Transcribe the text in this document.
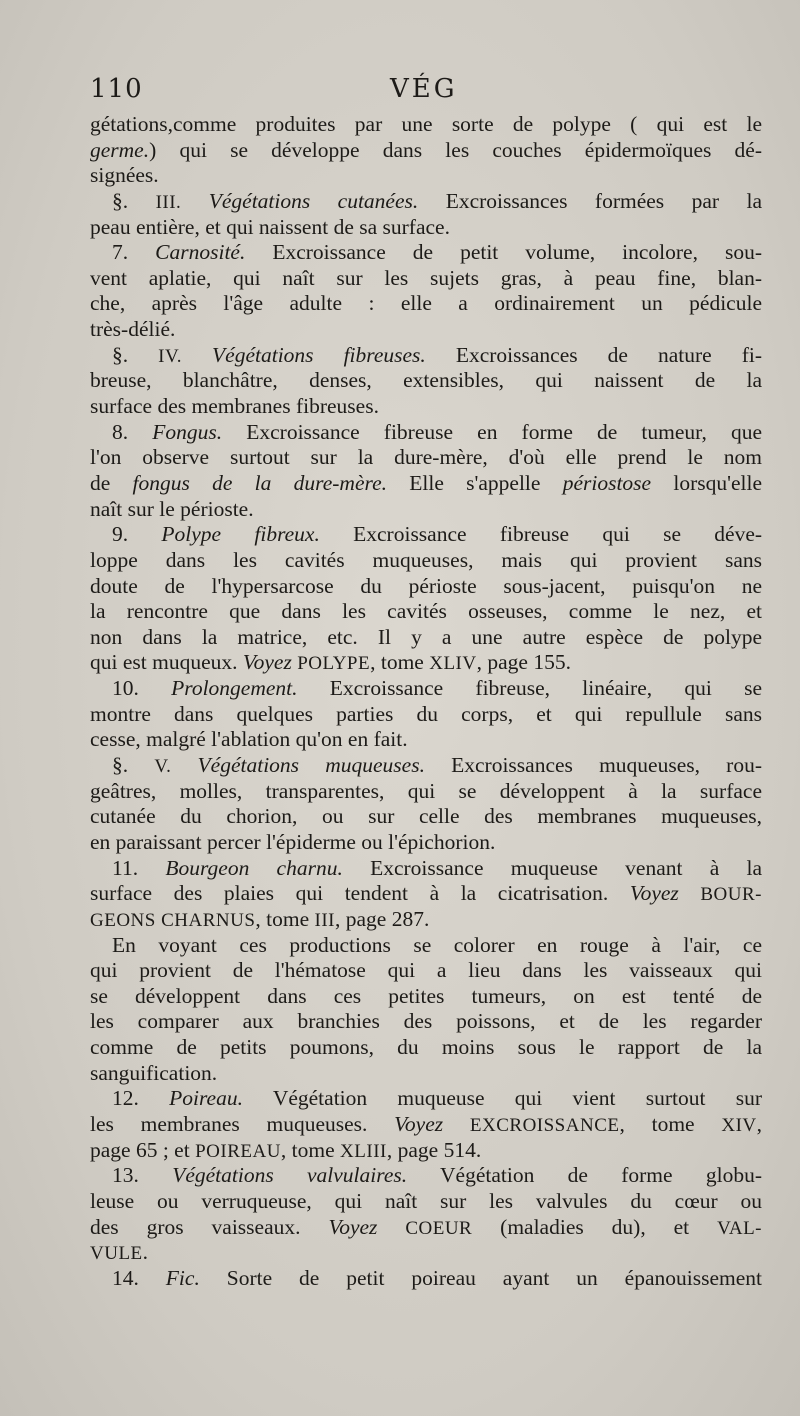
110	VÉG
gétations,comme produites par une sorte de polype ( qui est le
germe.) qui se développe dans les couches épidermoïques dé-
signées.
§. III. Végétations cutanées. Excroissances formées par la
peau entière, et qui naissent de sa surface.
7. Carnosité. Excroissance de petit volume, incolore, sou-
vent aplatie, qui naît sur les sujets gras, à peau fine, blan-
che, après l'âge adulte : elle a ordinairement un pédicule
très-délié.
§. IV. Végétations fibreuses. Excroissances de nature fi-
breuse, blanchâtre, denses, extensibles, qui naissent de la
surface des membranes fibreuses.
8. Fongus. Excroissance fibreuse en forme de tumeur, que
l'on observe surtout sur la dure-mère, d'où elle prend le nom
de fongus de la dure-mère. Elle s'appelle périostose lorsqu'elle
naît sur le périoste.
9. Polype fibreux. Excroissance fibreuse qui se déve-
loppe dans les cavités muqueuses, mais qui provient sans
doute de l'hypersarcose du périoste sous-jacent, puisqu'on ne
la rencontre que dans les cavités osseuses, comme le nez, et
non dans la matrice, etc. Il y a une autre espèce de polype
qui est muqueux. Voyez POLYPE, tome XLIV, page 155.
10. Prolongement. Excroissance fibreuse, linéaire, qui se
montre dans quelques parties du corps, et qui repullule sans
cesse, malgré l'ablation qu'on en fait.
§. V. Végétations muqueuses. Excroissances muqueuses, rou-
geâtres, molles, transparentes, qui se développent à la surface
cutanée du chorion, ou sur celle des membranes muqueuses,
en paraissant percer l'épiderme ou l'épichorion.
11. Bourgeon charnu. Excroissance muqueuse venant à la
surface des plaies qui tendent à la cicatrisation. Voyez BOUR-
GEONS CHARNUS, tome III, page 287.
En voyant ces productions se colorer en rouge à l'air, ce
qui provient de l'hématose qui a lieu dans les vaisseaux qui
se développent dans ces petites tumeurs, on est tenté de
les comparer aux branchies des poissons, et de les regarder
comme de petits poumons, du moins sous le rapport de la
sanguification.
12. Poireau. Végétation muqueuse qui vient surtout sur
les membranes muqueuses. Voyez EXCROISSANCE, tome XIV,
page 65 ; et POIREAU, tome XLIII, page 514.
13. Végétations valvulaires. Végétation de forme globu-
leuse ou verruqueuse, qui naît sur les valvules du cœur ou
des gros vaisseaux. Voyez COEUR (maladies du), et VAL-
VULE.
14. Fic. Sorte de petit poireau ayant un épanouissement
